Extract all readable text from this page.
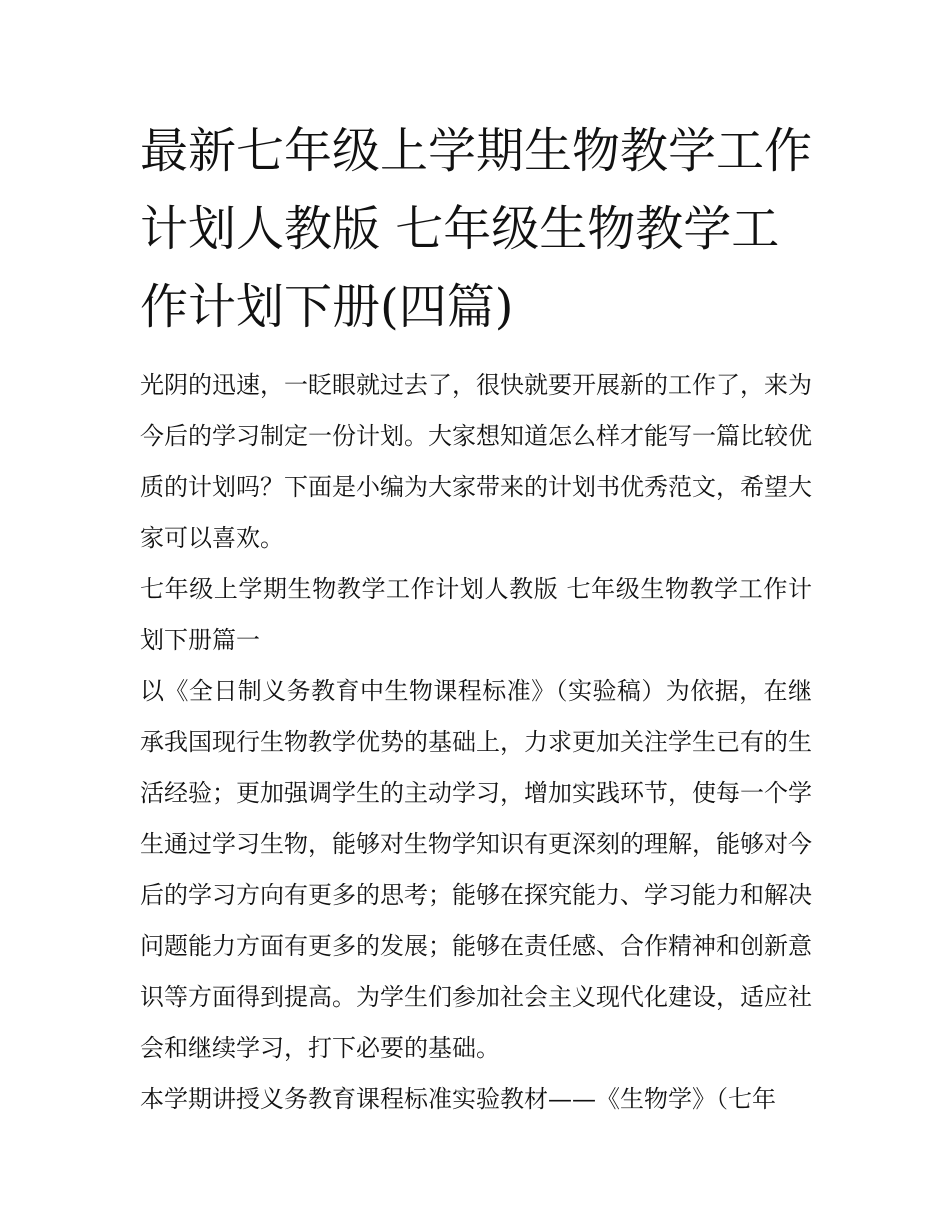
最新七年级上学期生物教学工作计划人教版 七年级生物教学工作计划下册(四篇)

光阴的迅速，一眨眼就过去了，很快就要开展新的工作了，来为今后的学习制定一份计划。大家想知道怎么样才能写一篇比较优质的计划吗？下面是小编为大家带来的计划书优秀范文，希望大家可以喜欢。

七年级上学期生物教学工作计划人教版 七年级生物教学工作计划下册篇一

以《全日制义务教育中生物课程标准》（实验稿）为依据，在继承我国现行生物教学优势的基础上，力求更加关注学生已有的生活经验；更加强调学生的主动学习，增加实践环节，使每一个学生通过学习生物，能够对生物学知识有更深刻的理解，能够对今后的学习方向有更多的思考；能够在探究能力、学习能力和解决问题能力方面有更多的发展；能够在责任感、合作精神和创新意识等方面得到提高。为学生们参加社会主义现代化建设，适应社会和继续学习，打下必要的基础。

本学期讲授义务教育课程标准实验教材——《生物学》（七年
